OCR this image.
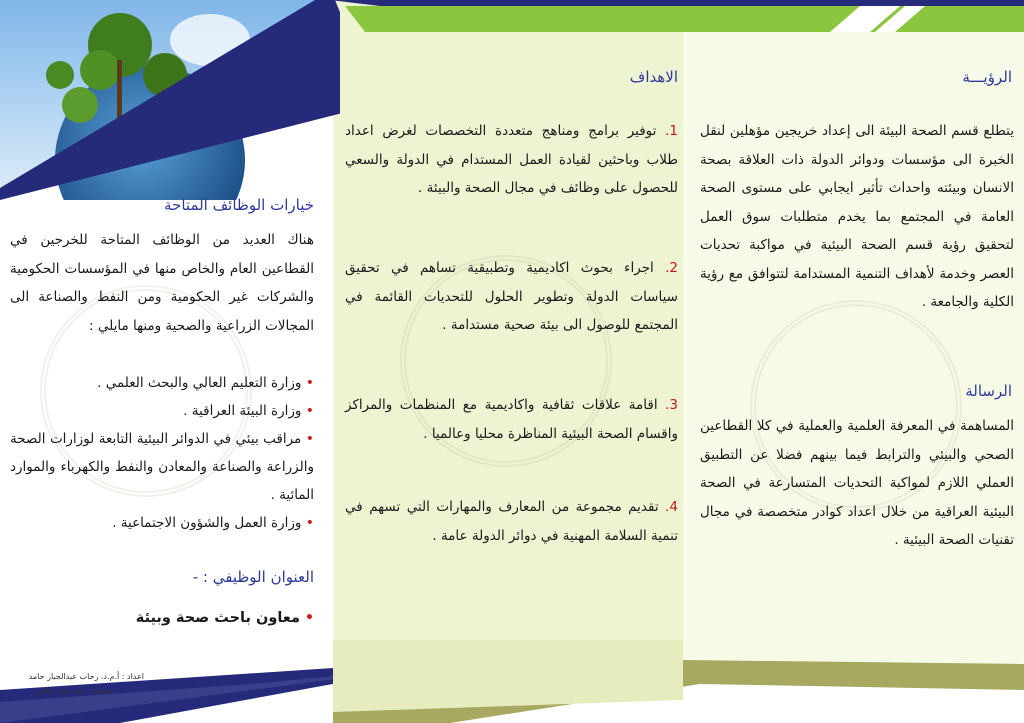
الرؤيـــة
يتطلع قسم الصحة البيئة الى إعداد خريجين مؤهلين لنقل الخبرة الى مؤسسات ودوائر الدولة ذات العلاقة بصحة الانسان وبيئته واحداث تأثير ايجابي على مستوى الصحة العامة في المجتمع بما يخدم متطلبات سوق العمل لتحقيق رؤية قسم الصحة البيئية في مواكبة تحديات العصر وخدمة لأهداف التنمية المستدامة لتتوافق مع رؤية الكلية والجامعة .
الرسالة
المساهمة في المعرفة العلمية والعملية في كلا القطاعين الصحي والبيئي والترابط فيما بينهم فضلا عن التطبيق العملي اللازم لمواكبة التحديات المتسارعة في الصحة البيئية العراقية من خلال اعداد كوادر متخصصة في مجال تقنيات الصحة البيئية .
الاهداف
1. توفير برامج ومناهج متعددة التخصصات لغرض اعداد طلاب وباحثين لقيادة العمل المستدام في الدولة والسعي للحصول على وظائف في مجال الصحة والبيئة .
2. اجراء بحوث اكاديمية وتطبيقية تساهم في تحقيق سياسات الدولة وتطوير الحلول للتحديات القائمة في المجتمع للوصول الى بيئة صحية مستدامة .
3. اقامة علاقات ثقافية واكاديمية مع المنظمات والمراكز واقسام الصحة البيئية المناظرة محليا وعالميا .
4. تقديم مجموعة من المعارف والمهارات التي تسهم في تنمية السلامة المهنية في دوائر الدولة عامة .
خيارات الوظائف المتاحة
هناك العديد من الوظائف المتاحة للخرجين في القطاعين العام والخاص منها في المؤسسات الحكومية والشركات غير الحكومية ومن النفط والصناعة الى المجالات الزراعية والصحية ومنها مايلي :
• وزارة التعليم العالي والبحث العلمي .
• وزارة البيئة العراقية .
• مراقب بيئي في الدوائر البيئية التابعة لوزارات الصحة والزراعة والصناعة والمعادن والنفط والكهرباء والموارد المائية .
• وزارة العمل والشؤون الاجتماعية .
العنوان الوظيفي : -
• معاون باحث صحة وبيئة
اعداد : أ.م.د. رحاب عبدالجبار حامد
تصميم : طه نبيل سالم
